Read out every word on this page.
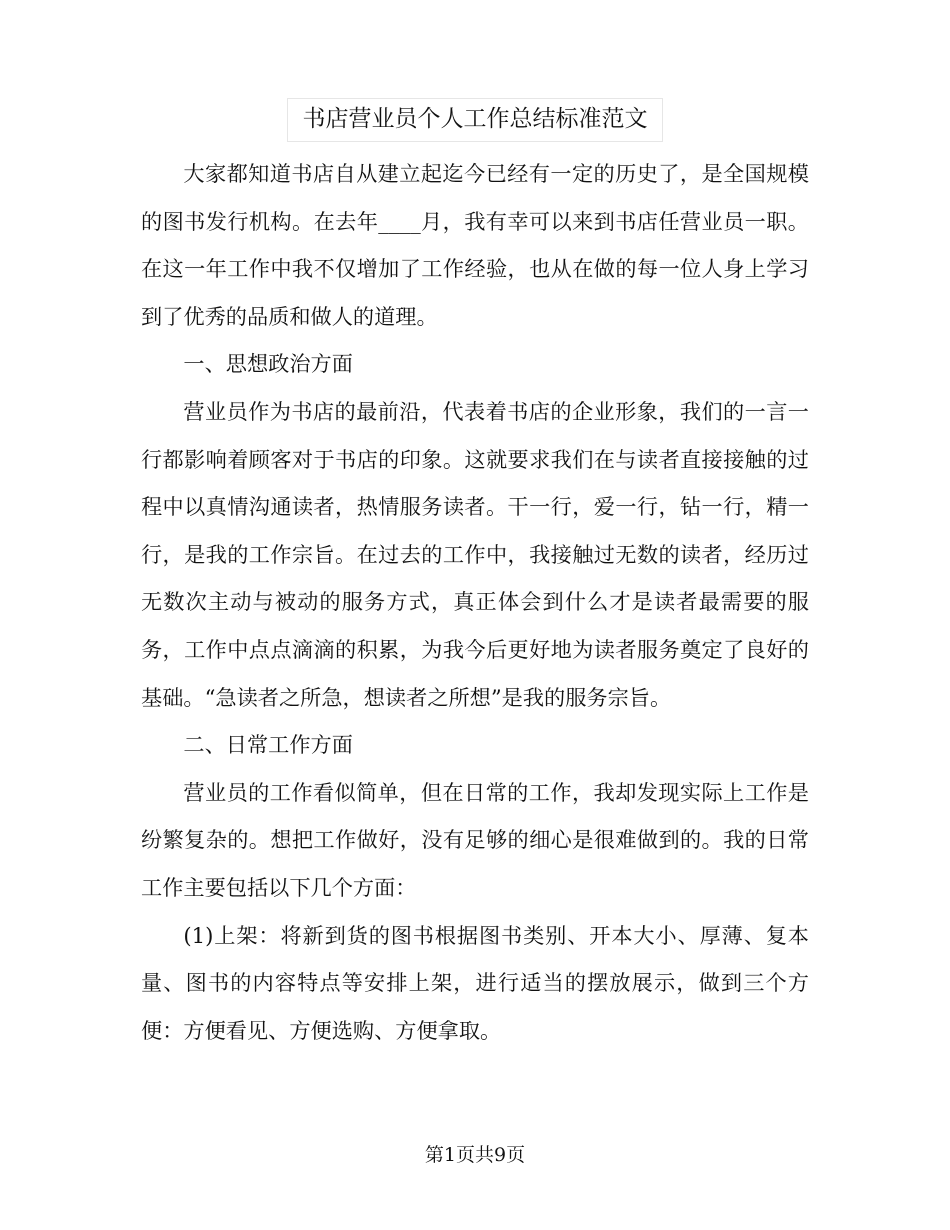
书店营业员个人工作总结标准范文

大家都知道书店自从建立起迄今已经有一定的历史了，是全国规模的图书发行机构。在去年____月，我有幸可以来到书店任营业员一职。在这一年工作中我不仅增加了工作经验，也从在做的每一位人身上学习到了优秀的品质和做人的道理。

一、思想政治方面

营业员作为书店的最前沿，代表着书店的企业形象，我们的一言一行都影响着顾客对于书店的印象。这就要求我们在与读者直接接触的过程中以真情沟通读者，热情服务读者。干一行，爱一行，钻一行，精一行，是我的工作宗旨。在过去的工作中，我接触过无数的读者，经历过无数次主动与被动的服务方式，真正体会到什么才是读者最需要的服务，工作中点点滴滴的积累，为我今后更好地为读者服务奠定了良好的基础。“急读者之所急，想读者之所想”是我的服务宗旨。

二、日常工作方面

营业员的工作看似简单，但在日常的工作，我却发现实际上工作是纷繁复杂的。想把工作做好，没有足够的细心是很难做到的。我的日常工作主要包括以下几个方面：

(1)上架：将新到货的图书根据图书类别、开本大小、厚薄、复本量、图书的内容特点等安排上架，进行适当的摆放展示，做到三个方便：方便看见、方便选购、方便拿取。

第1页共9页
